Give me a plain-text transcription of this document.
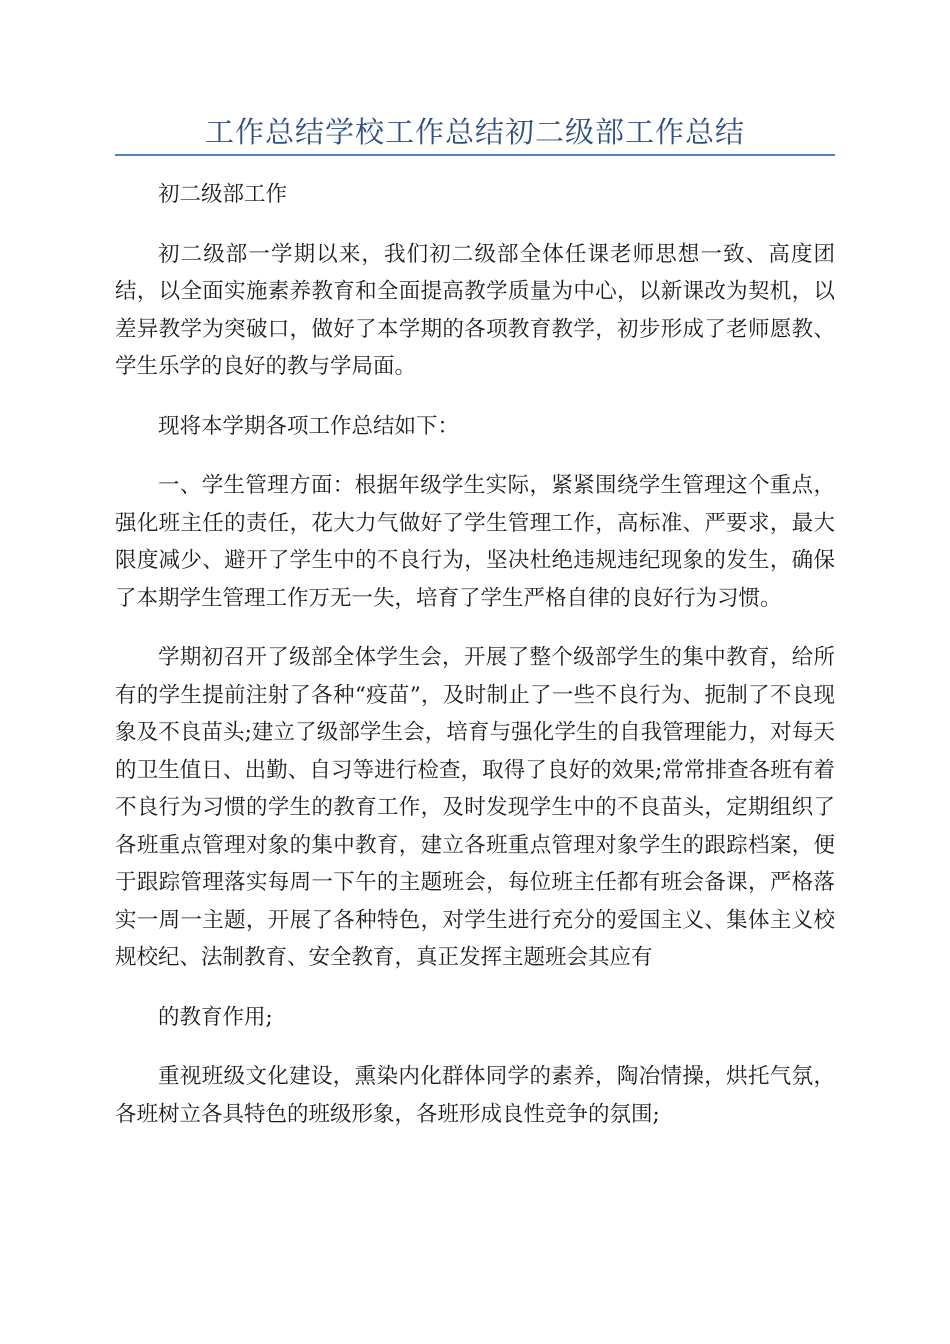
工作总结学校工作总结初二级部工作总结

初二级部工作

初二级部一学期以来，我们初二级部全体任课老师思想一致、高度团结，以全面实施素养教育和全面提高教学质量为中心，以新课改为契机，以差异教学为突破口，做好了本学期的各项教育教学，初步形成了老师愿教、学生乐学的良好的教与学局面。

现将本学期各项工作总结如下：

一、学生管理方面：根据年级学生实际，紧紧围绕学生管理这个重点，强化班主任的责任，花大力气做好了学生管理工作，高标准、严要求，最大限度减少、避开了学生中的不良行为，坚决杜绝违规违纪现象的发生，确保了本期学生管理工作万无一失，培育了学生严格自律的良好行为习惯。

学期初召开了级部全体学生会，开展了整个级部学生的集中教育，给所有的学生提前注射了各种“疫苗”，及时制止了一些不良行为、扼制了不良现象及不良苗头;建立了级部学生会，培育与强化学生的自我管理能力，对每天的卫生值日、出勤、自习等进行检查，取得了良好的效果;常常排查各班有着不良行为习惯的学生的教育工作，及时发现学生中的不良苗头，定期组织了各班重点管理对象的集中教育，建立各班重点管理对象学生的跟踪档案，便于跟踪管理落实每周一下午的主题班会，每位班主任都有班会备课，严格落实一周一主题，开展了各种特色，对学生进行充分的爱国主义、集体主义校规校纪、法制教育、安全教育，真正发挥主题班会其应有

的教育作用;

重视班级文化建设，熏染内化群体同学的素养，陶冶情操，烘托气氛，各班树立各具特色的班级形象，各班形成良性竞争的氛围;
